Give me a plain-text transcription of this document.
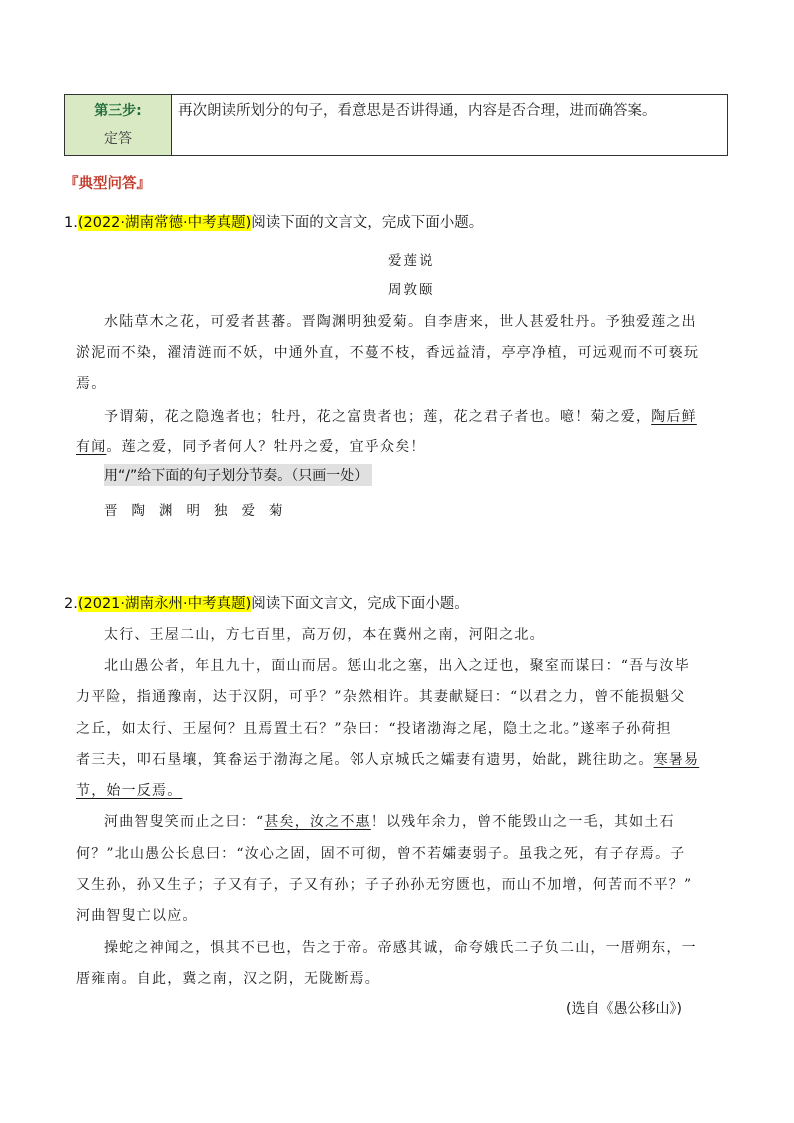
第三步:
定答
再次朗读所划分的句子，看意思是否讲得通，内容是否合理，进而确答案。
『典型问答』
1.(2022·湖南常德·中考真题)阅读下面的文言文，完成下面小题。
爱莲说
周敦颐
水陆草木之花，可爱者甚蕃。晋陶渊明独爱菊。自李唐来，世人甚爱牡丹。予独爱莲之出
淤泥而不染，濯清涟而不妖，中通外直，不蔓不枝，香远益清，亭亭净植，可远观而不可亵玩
焉。
予谓菊，花之隐逸者也；牡丹，花之富贵者也；莲，花之君子者也。噫！菊之爱，陶后鲜
有闻。莲之爱，同予者何人？牡丹之爱，宜乎众矣！
用“/”给下面的句子划分节奏。（只画一处）
晋陶渊明独爱菊
2.(2021·湖南永州·中考真题)阅读下面文言文，完成下面小题。
太行、王屋二山，方七百里，高万仞，本在冀州之南，河阳之北。
北山愚公者，年且九十，面山而居。惩山北之塞，出入之迂也，聚室而谋曰：“吾与汝毕
力平险，指通豫南，达于汉阴，可乎？”杂然相许。其妻献疑曰：“以君之力，曾不能损魁父
之丘，如太行、王屋何？且焉置土石？”杂曰：“投诸渤海之尾，隐土之北。”遂率子孙荷担
者三夫，叩石垦壤，箕畚运于渤海之尾。邻人京城氏之孀妻有遗男，始龀，跳往助之。寒暑易
节，始一反焉。
河曲智叟笑而止之曰：“甚矣，汝之不惠！以残年余力，曾不能毁山之一毛，其如土石
何？”北山愚公长息曰：“汝心之固，固不可彻，曾不若孀妻弱子。虽我之死，有子存焉。子
又生孙，孙又生子；子又有子，子又有孙；子子孙孙无穷匮也，而山不加增，何苦而不平？”
河曲智叟亡以应。
操蛇之神闻之，惧其不已也，告之于帝。帝感其诚，命夸娥氏二子负二山，一厝朔东，一
厝雍南。自此，冀之南，汉之阴，无陇断焉。
(选自《愚公移山》)
